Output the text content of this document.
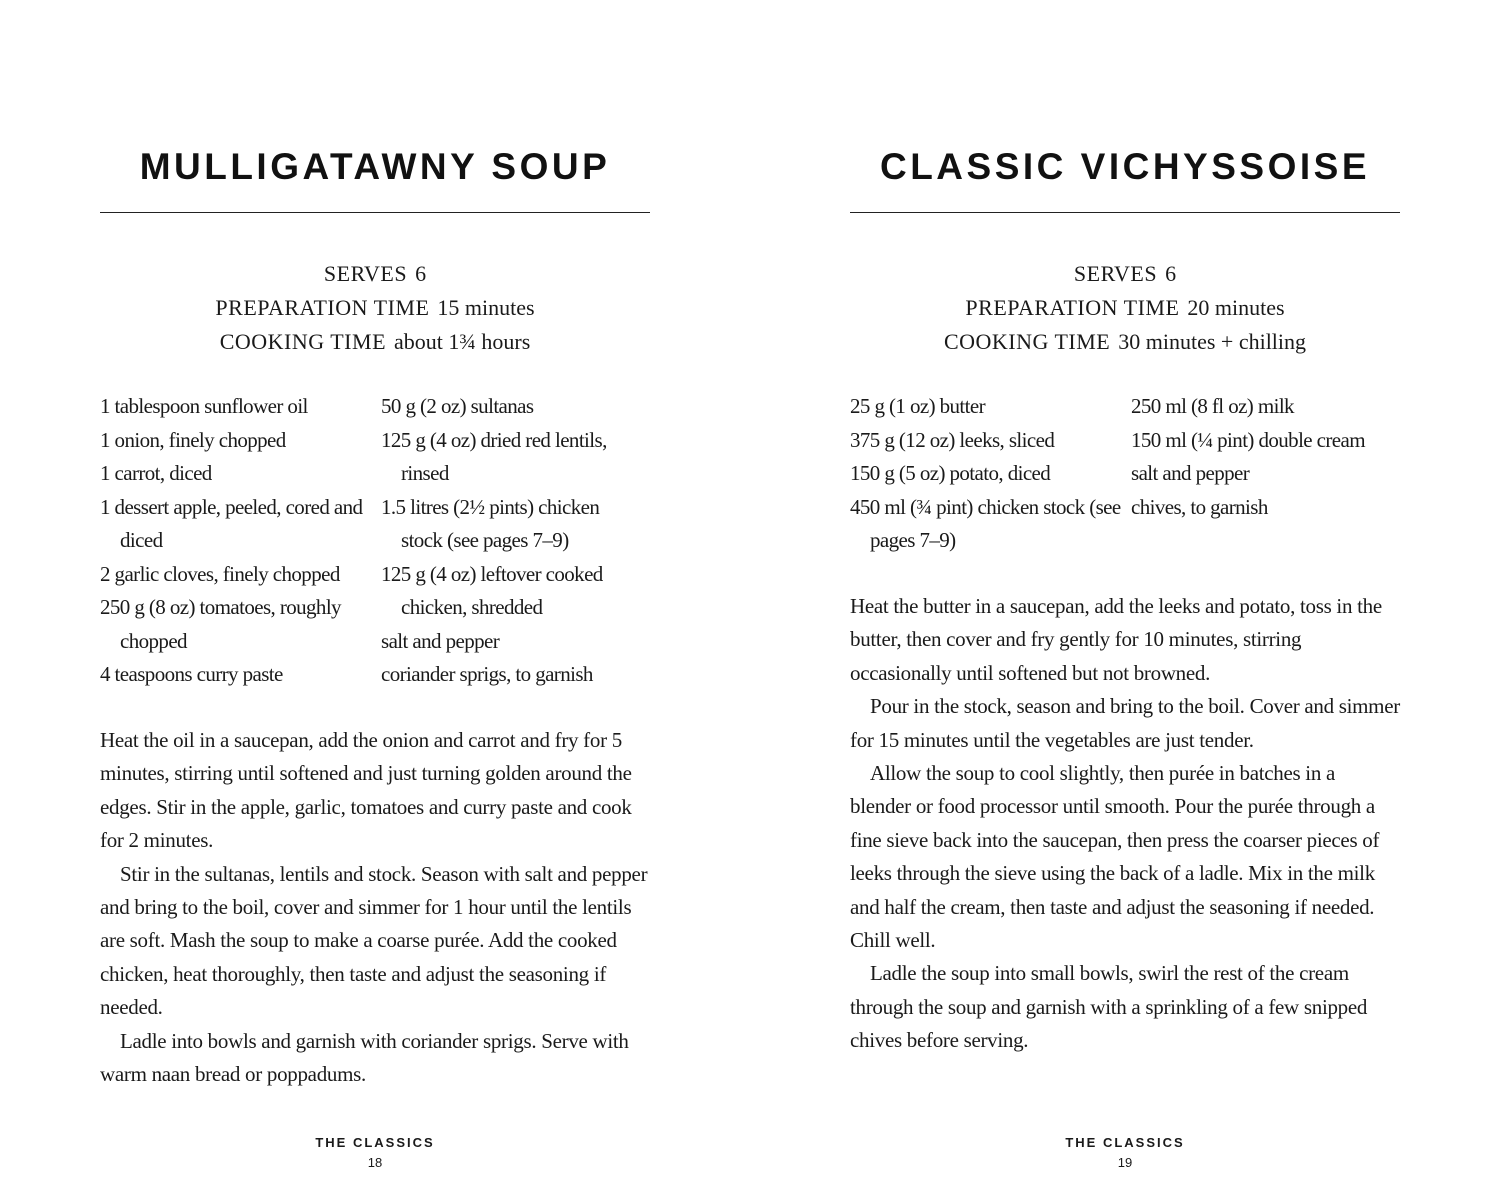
MULLIGATAWNY SOUP
SERVES 6
PREPARATION TIME 15 minutes
COOKING TIME about 1¾ hours
1 tablespoon sunflower oil
1 onion, finely chopped
1 carrot, diced
1 dessert apple, peeled, cored and diced
2 garlic cloves, finely chopped
250 g (8 oz) tomatoes, roughly chopped
4 teaspoons curry paste
50 g (2 oz) sultanas
125 g (4 oz) dried red lentils, rinsed
1.5 litres (2½ pints) chicken stock (see pages 7–9)
125 g (4 oz) leftover cooked chicken, shredded
salt and pepper
coriander sprigs, to garnish

Heat the oil in a saucepan, add the onion and carrot and fry for 5 minutes, stirring until softened and just turning golden around the edges. Stir in the apple, garlic, tomatoes and curry paste and cook for 2 minutes.

Stir in the sultanas, lentils and stock. Season with salt and pepper and bring to the boil, cover and simmer for 1 hour until the lentils are soft. Mash the soup to make a coarse purée. Add the cooked chicken, heat thoroughly, then taste and adjust the seasoning if needed.

Ladle into bowls and garnish with coriander sprigs. Serve with warm naan bread or poppadums.

THE CLASSICS
18
CLASSIC VICHYSSOISE
SERVES 6
PREPARATION TIME 20 minutes
COOKING TIME 30 minutes + chilling
25 g (1 oz) butter
375 g (12 oz) leeks, sliced
150 g (5 oz) potato, diced
450 ml (¾ pint) chicken stock (see pages 7–9)
250 ml (8 fl oz) milk
150 ml (¼ pint) double cream
salt and pepper
chives, to garnish

Heat the butter in a saucepan, add the leeks and potato, toss in the butter, then cover and fry gently for 10 minutes, stirring occasionally until softened but not browned.

Pour in the stock, season and bring to the boil. Cover and simmer for 15 minutes until the vegetables are just tender.

Allow the soup to cool slightly, then purée in batches in a blender or food processor until smooth. Pour the purée through a fine sieve back into the saucepan, then press the coarser pieces of leeks through the sieve using the back of a ladle. Mix in the milk and half the cream, then taste and adjust the seasoning if needed. Chill well.

Ladle the soup into small bowls, swirl the rest of the cream through the soup and garnish with a sprinkling of a few snipped chives before serving.

THE CLASSICS
19
